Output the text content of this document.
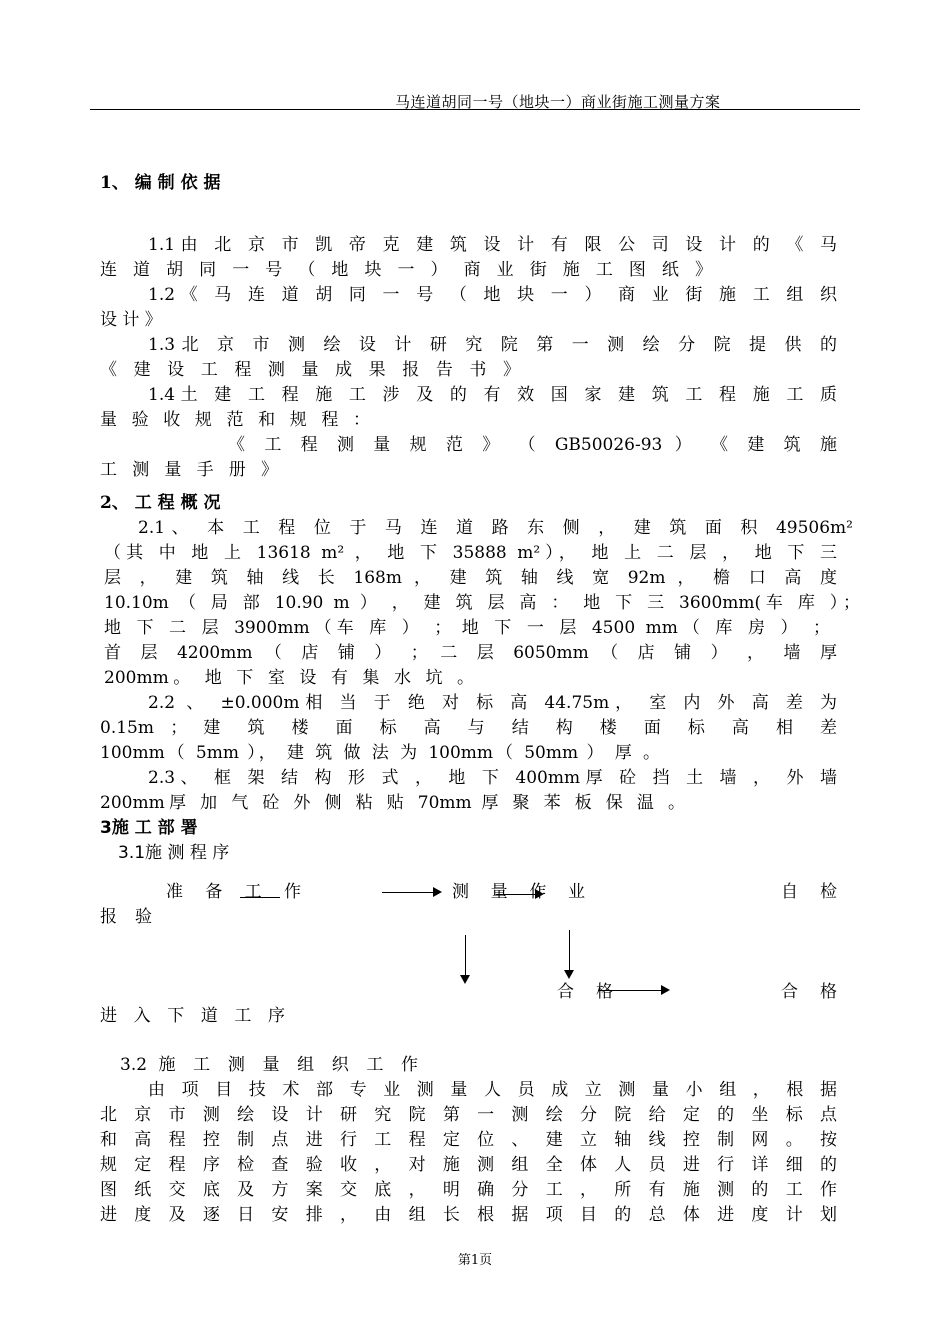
马连道胡同一号（地块一）商业街施工测量方案
1、 编 制 依 据
1.1由 北 京 市 凯 帝 克 建 筑 设 计 有 限 公 司 设 计 的 《 马
连 道 胡 同 一 号 （ 地 块 一 ） 商 业 街 施 工 图 纸 》
1.2《 马 连 道 胡 同 一 号 （ 地 块 一 ） 商 业 街 施 工 组 织
设 计 》
1.3北 京 市 测 绘 设 计 研 究 院 第 一 测 绘 分 院 提 供 的
《 建 设 工 程 测 量 成 果 报 告 书 》
1.4土 建 工 程 施 工 涉 及 的 有 效 国 家 建 筑 工 程 施 工 质
量 验 收 规 范 和 规 程 ：
《 工 程 测 量 规 范 》 （ GB50026-93 ） 《 建 筑 施
工 测 量 手 册 》
2、 工 程 概 况
2.1、 本 工 程 位 于 马 连 道 路 东 侧 ， 建 筑 面 积 49506m²
（其 中 地 上 13618 m² ， 地 下 35888 m²）， 地 上 二 层 ， 地 下 三
层 ， 建 筑 轴 线 长 168m ， 建 筑 轴 线 宽 92m ， 檐 口 高 度
10.10m （ 局 部 10.90 m ） ， 建 筑 层 高 ： 地 下 三 3600mm(车 库 ）；
地 下 二 层 3900mm（车 库 ） ； 地 下 一 层 4500 mm（ 库 房 ） ；
首 层 4200mm （ 店 铺 ） ； 二 层 6050mm （ 店 铺 ） ， 墙 厚
200mm。 地 下 室 设 有 集 水 坑 。
2.2 、 ±0.000m相 当 于 绝 对 标 高 44.75m， 室 内 外 高 差 为
0.15m ； 建 筑 楼 面 标 高 与 结 构 楼 面 标 高 相 差
100mm（ 5mm ）， 建 筑 做 法 为 100mm（ 50mm ） 厚 。
2.3、 框 架 结 构 形 式 ， 地 下 400mm厚 砼 挡 土 墙 ， 外 墙
200mm厚 加 气 砼 外 侧 粘 贴 70mm 厚 聚 苯 板 保 温 。
3施 工 部 署
3.1施 测 程 序
准 备 工 作	测 量 作 业	自 检
报 验
合 格	合 格
进 入 下 道 工 序
3.2 施 工 测 量 组 织 工 作
由 项 目 技 术 部 专 业 测 量 人 员 成 立 测 量 小 组 ， 根 据
北 京 市 测 绘 设 计 研 究 院 第 一 测 绘 分 院 给 定 的 坐 标 点
和 高 程 控 制 点 进 行 工 程 定 位 、 建 立 轴 线 控 制 网 。 按
规 定 程 序 检 查 验 收 ， 对 施 测 组 全 体 人 员 进 行 详 细 的
图 纸 交 底 及 方 案 交 底 ， 明 确 分 工 ， 所 有 施 测 的 工 作
进 度 及 逐 日 安 排 ， 由 组 长 根 据 项 目 的 总 体 进 度 计 划
第1页
